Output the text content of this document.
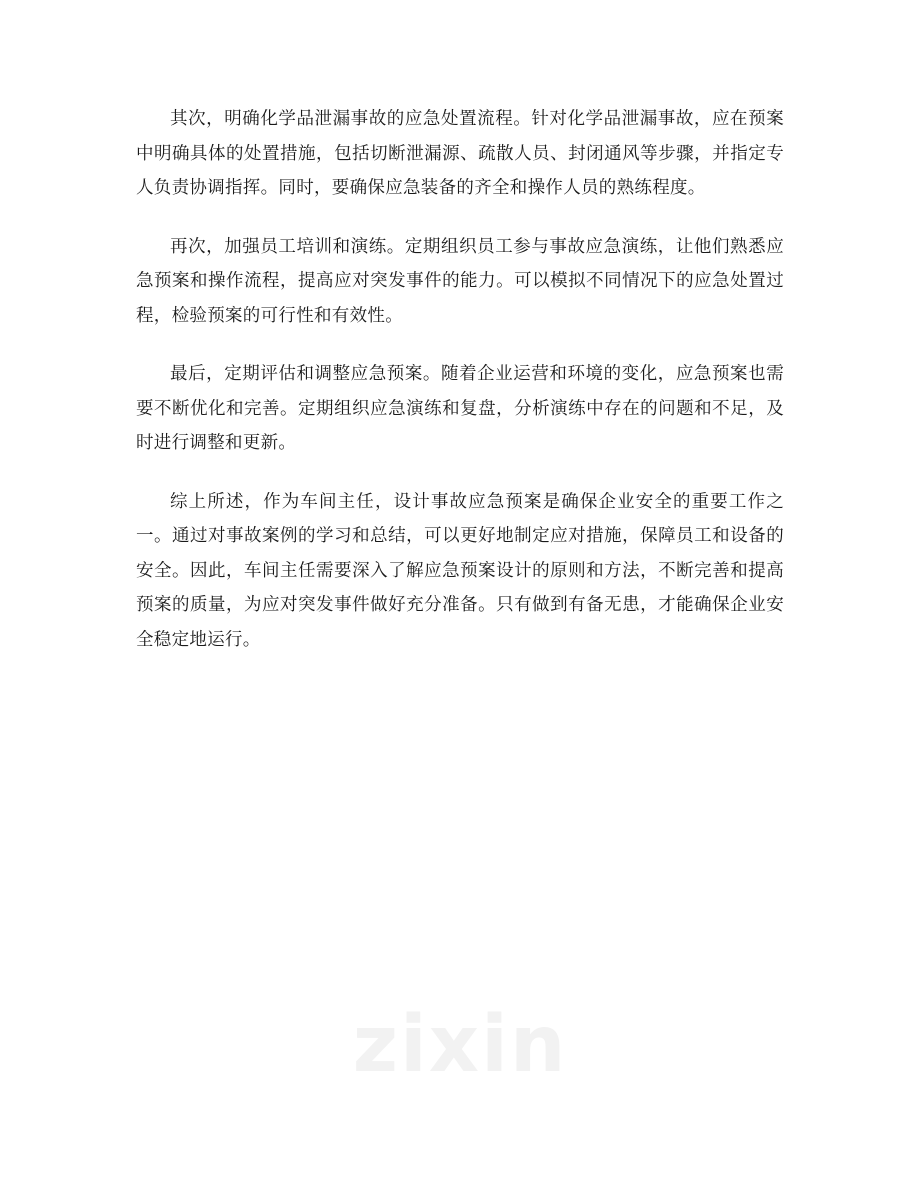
其次，明确化学品泄漏事故的应急处置流程。针对化学品泄漏事故，应在预案中明确具体的处置措施，包括切断泄漏源、疏散人员、封闭通风等步骤，并指定专人负责协调指挥。同时，要确保应急装备的齐全和操作人员的熟练程度。

再次，加强员工培训和演练。定期组织员工参与事故应急演练，让他们熟悉应急预案和操作流程，提高应对突发事件的能力。可以模拟不同情况下的应急处置过程，检验预案的可行性和有效性。

最后，定期评估和调整应急预案。随着企业运营和环境的变化，应急预案也需要不断优化和完善。定期组织应急演练和复盘，分析演练中存在的问题和不足，及时进行调整和更新。

综上所述，作为车间主任，设计事故应急预案是确保企业安全的重要工作之一。通过对事故案例的学习和总结，可以更好地制定应对措施，保障员工和设备的安全。因此，车间主任需要深入了解应急预案设计的原则和方法，不断完善和提高预案的质量，为应对突发事件做好充分准备。只有做到有备无患，才能确保企业安全稳定地运行。

zixin
